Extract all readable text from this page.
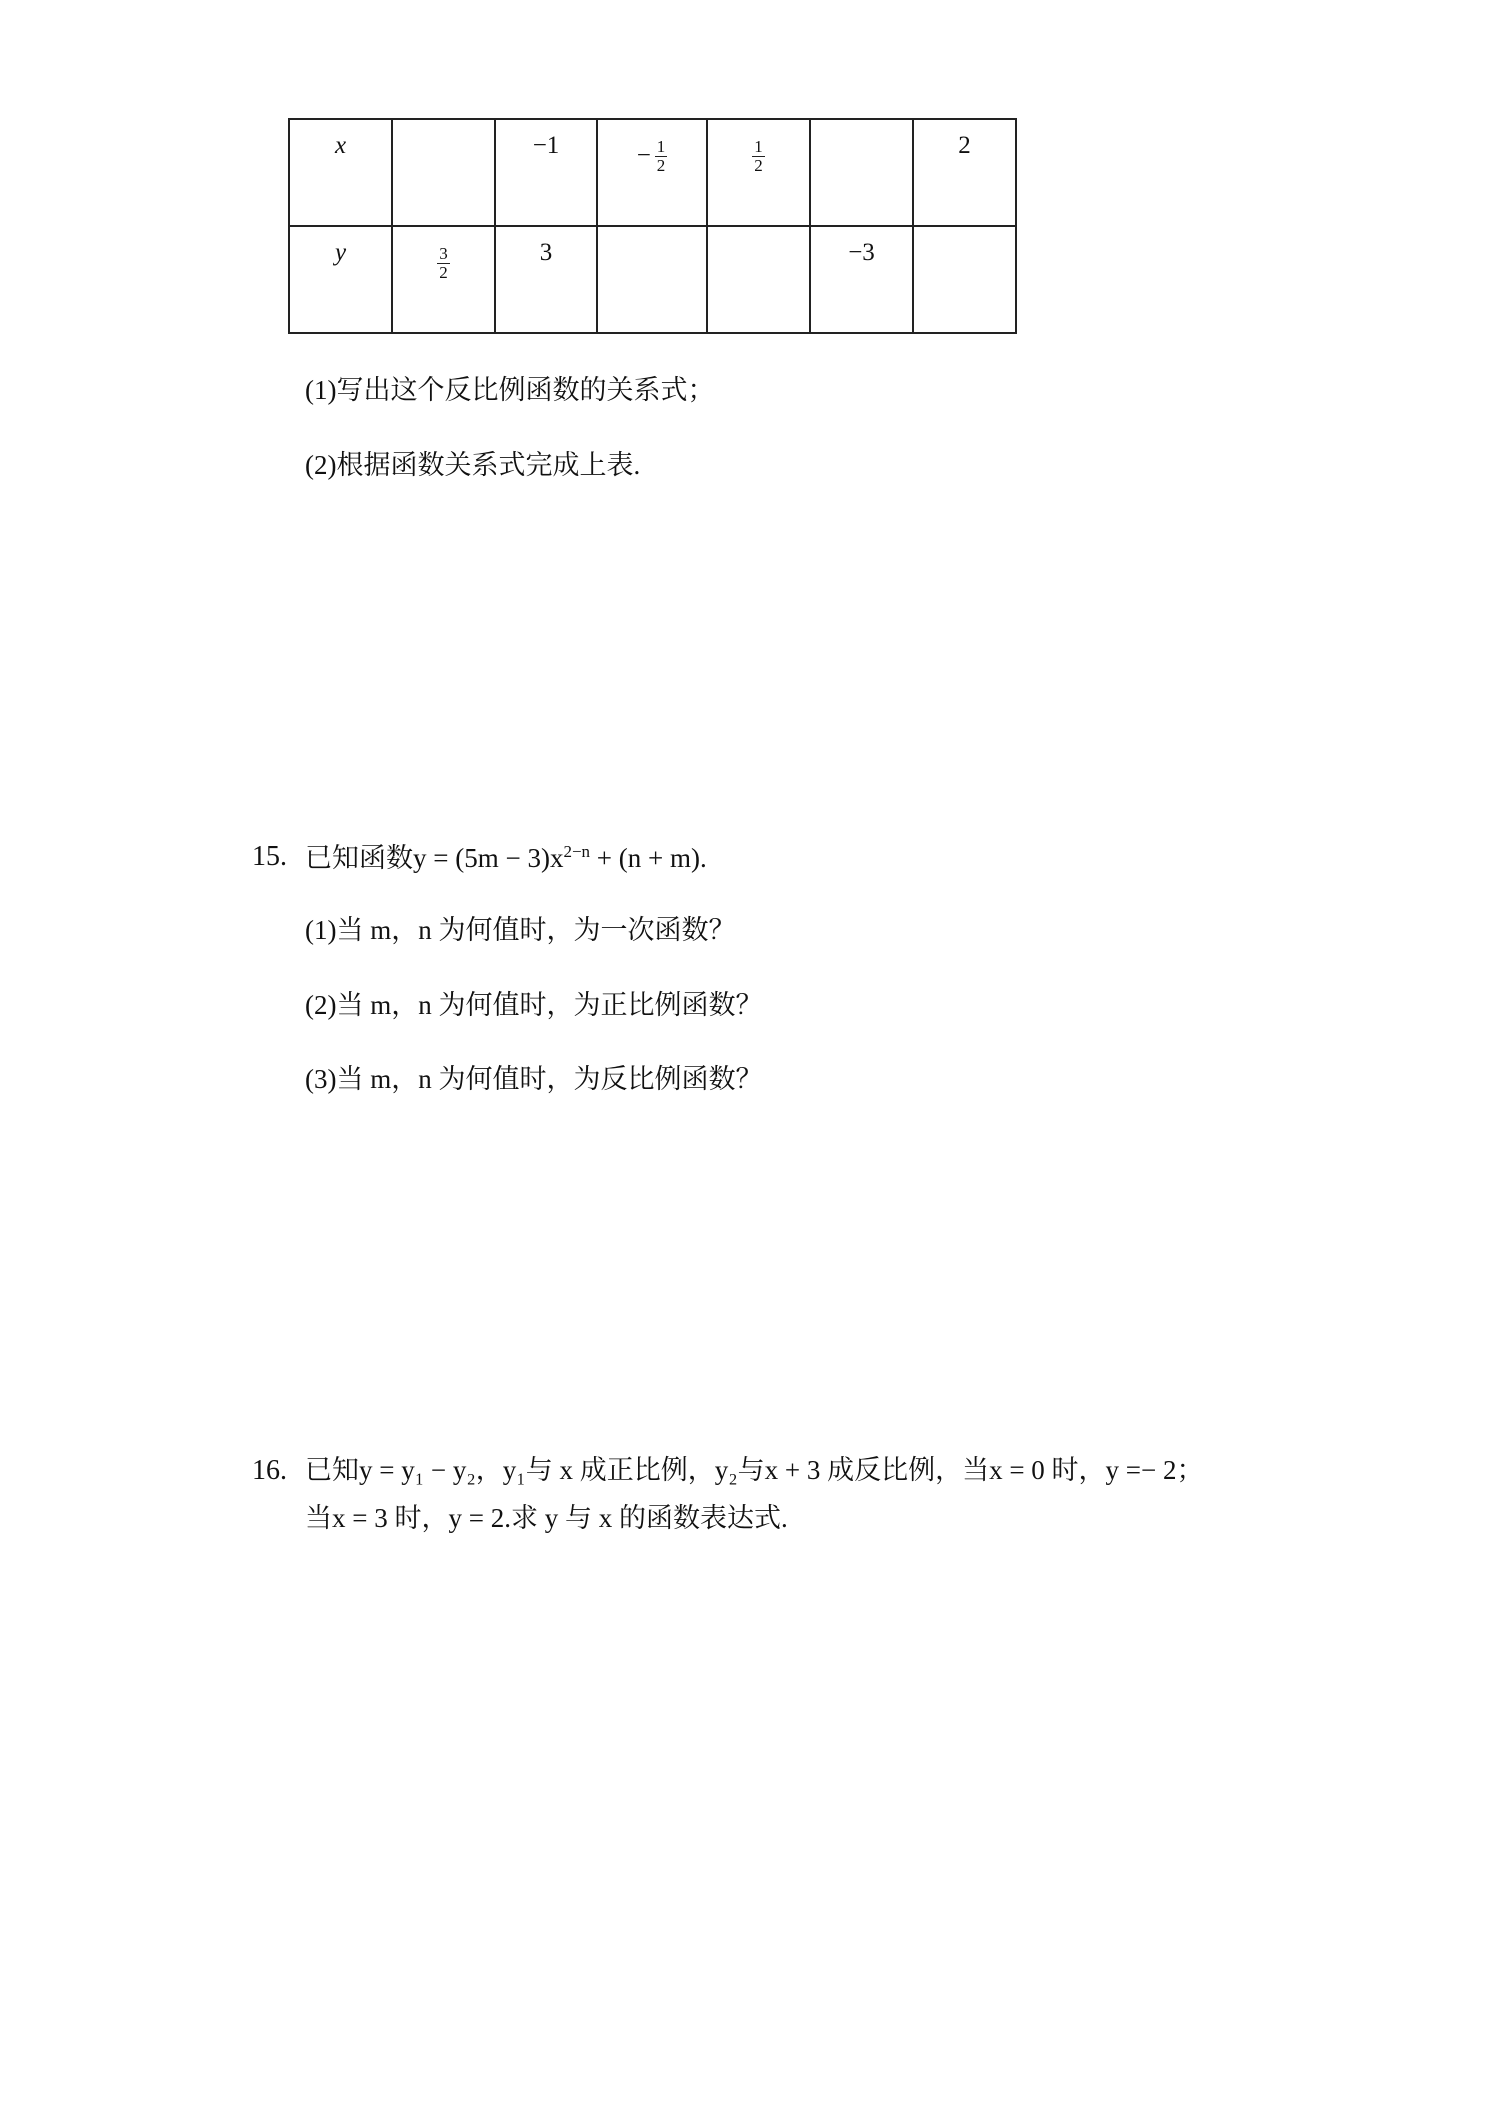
x		−1	− $\frac{1}{2}$	$\frac{1}{2}$		2

y	$\frac{3}{2}$	3			−3	

(1)写出这个反比例函数的关系式；
(2)根据函数关系式完成上表.
15. 已知函数$y = (5m - 3)x^{2-n} + (n + m)$.
(1)当 m，n 为何值时，为一次函数？
(2)当 m，n 为何值时，为正比例函数？
(3)当 m，n 为何值时，为反比例函数？
16. 已知y = y₁ − y₂，y₁与 x 成正比例，y₂与x + 3 成反比例，当x = 0 时，y =− 2；
当x = 3 时，y = 2.求 y 与 x 的函数表达式.
